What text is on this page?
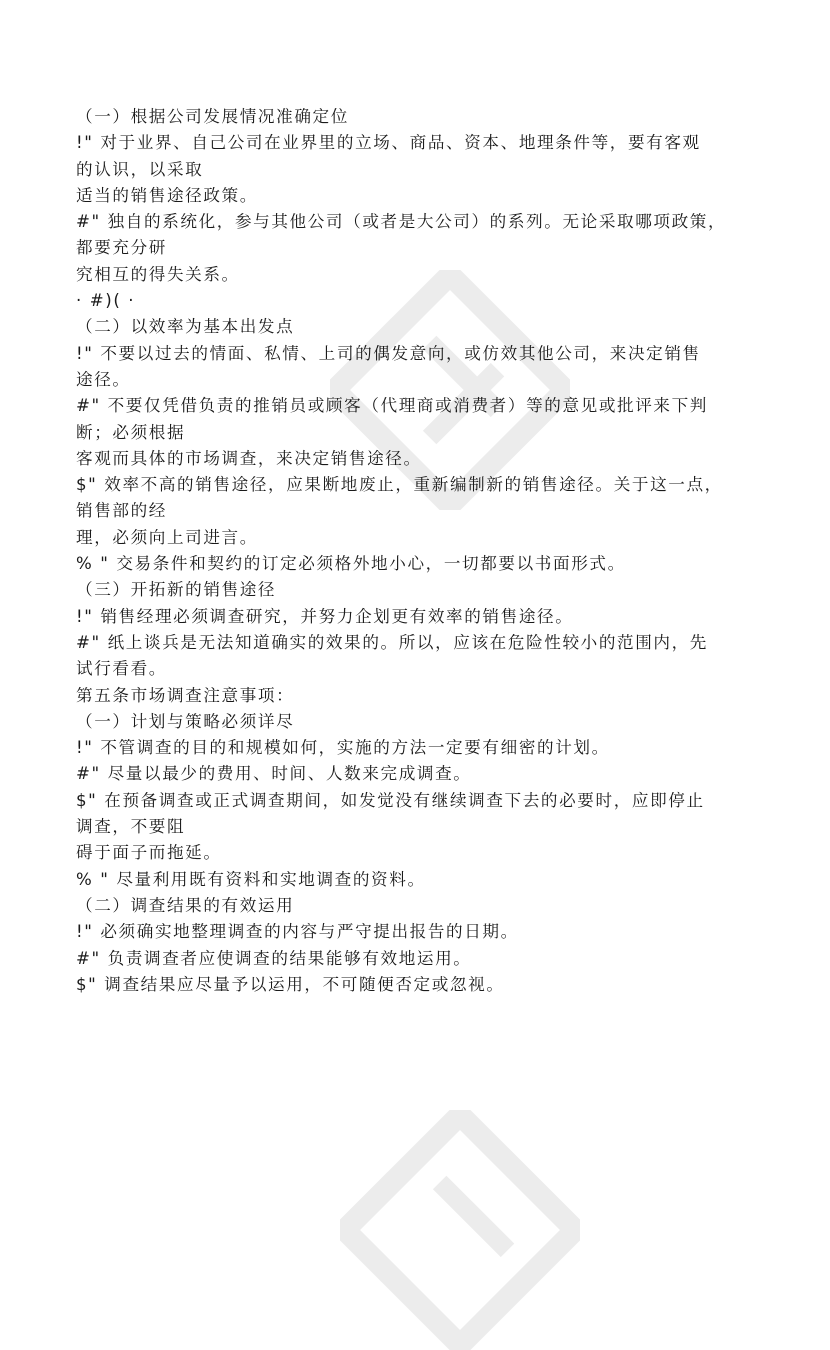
（一）根据公司发展情况准确定位
!" 对于业界、自己公司在业界里的立场、商品、资本、地理条件等，要有客观
的认识，以采取
适当的销售途径政策。
#" 独自的系统化，参与其他公司（或者是大公司）的系列。无论采取哪项政策，
都要充分研
究相互的得失关系。
· #)( ·
（二）以效率为基本出发点
!" 不要以过去的情面、私情、上司的偶发意向，或仿效其他公司，来决定销售
途径。
#" 不要仅凭借负责的推销员或顾客（代理商或消费者）等的意见或批评来下判
断；必须根据
客观而具体的市场调查，来决定销售途径。
$" 效率不高的销售途径，应果断地废止，重新编制新的销售途径。关于这一点，
销售部的经
理，必须向上司进言。
% " 交易条件和契约的订定必须格外地小心，一切都要以书面形式。
（三）开拓新的销售途径
!" 销售经理必须调查研究，并努力企划更有效率的销售途径。
#" 纸上谈兵是无法知道确实的效果的。所以，应该在危险性较小的范围内，先
试行看看。
第五条市场调查注意事项：
（一）计划与策略必须详尽
!" 不管调查的目的和规模如何，实施的方法一定要有细密的计划。
#" 尽量以最少的费用、时间、人数来完成调查。
$" 在预备调查或正式调查期间，如发觉没有继续调查下去的必要时，应即停止
调查，不要阻
碍于面子而拖延。
% " 尽量利用既有资料和实地调查的资料。
（二）调查结果的有效运用
!" 必须确实地整理调查的内容与严守提出报告的日期。
#" 负责调查者应使调查的结果能够有效地运用。
$" 调查结果应尽量予以运用，不可随便否定或忽视。
